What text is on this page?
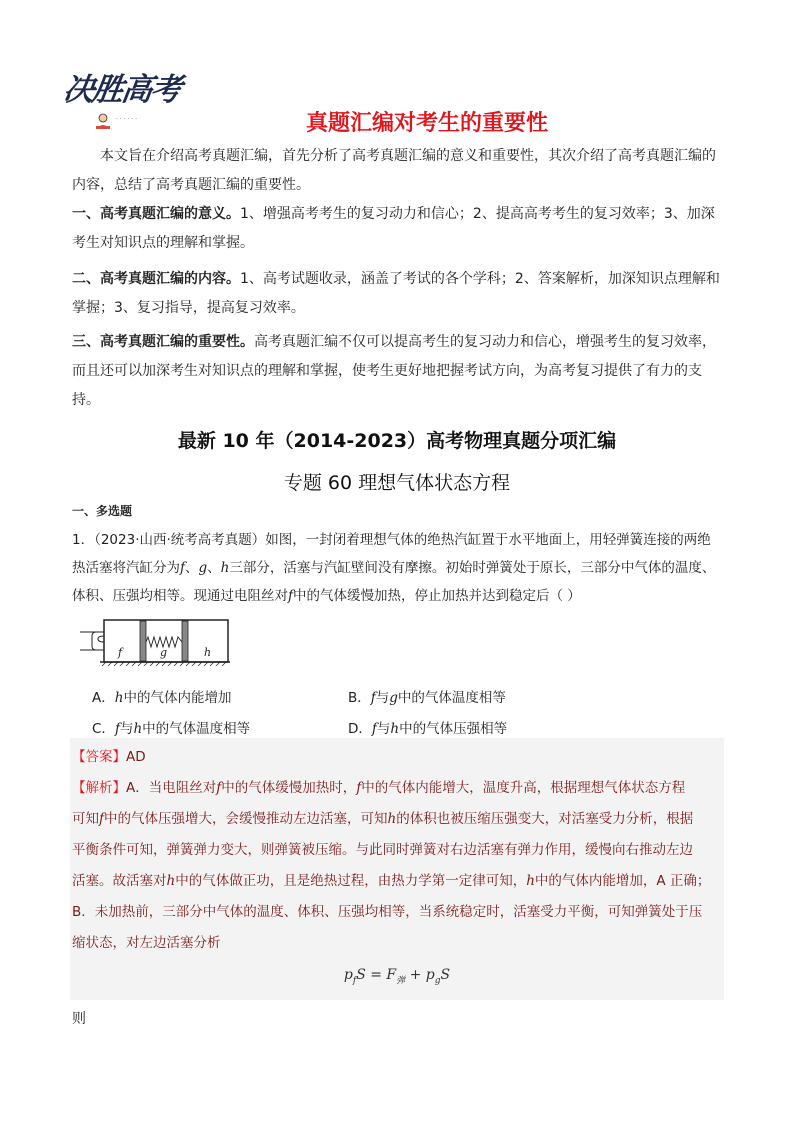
决胜高考
· · · · · ·	真题汇编对考生的重要性
本文旨在介绍高考真题汇编，首先分析了高考真题汇编的意义和重要性，其次介绍了高考真题汇编的内容，总结了高考真题汇编的重要性。
一、高考真题汇编的意义。1、增强高考考生的复习动力和信心；2、提高高考考生的复习效率；3、加深考生对知识点的理解和掌握。
二、高考真题汇编的内容。1、高考试题收录，涵盖了考试的各个学科；2、答案解析，加深知识点理解和掌握；3、复习指导，提高复习效率。
三、高考真题汇编的重要性。高考真题汇编不仅可以提高考生的复习动力和信心，增强考生的复习效率，而且还可以加深考生对知识点的理解和掌握，使考生更好地把握考试方向，为高考复习提供了有力的支持。
最新 10 年（2014-2023）高考物理真题分项汇编
专题 60 理想气体状态方程
一、多选题
1．（2023·山西·统考高考真题）如图，一封闭着理想气体的绝热汽缸置于水平地面上，用轻弹簧连接的两绝
热活塞将汽缸分为f、g、h三部分，活塞与汽缸壁间没有摩擦。初始时弹簧处于原长，三部分中气体的温度、
体积、压强均相等。现通过电阻丝对f中的气体缓慢加热，停止加热并达到稳定后（ ）
f	g	h
A．h中的气体内能增加	B．f与g中的气体温度相等
C．f与h中的气体温度相等	D．f与h中的气体压强相等
【答案】AD
【解析】A．当电阻丝对f中的气体缓慢加热时，f中的气体内能增大，温度升高，根据理想气体状态方程
可知f中的气体压强增大，会缓慢推动左边活塞，可知h的体积也被压缩压强变大，对活塞受力分析，根据
平衡条件可知，弹簧弹力变大，则弹簧被压缩。与此同时弹簧对右边活塞有弹力作用，缓慢向右推动左边
活塞。故活塞对h中的气体做正功，且是绝热过程，由热力学第一定律可知，h中的气体内能增加，A 正确；
B．未加热前，三部分中气体的温度、体积、压强均相等，当系统稳定时，活塞受力平衡，可知弹簧处于压
缩状态，对左边活塞分析
$p_fS = F_弹 + p_gS$
则
